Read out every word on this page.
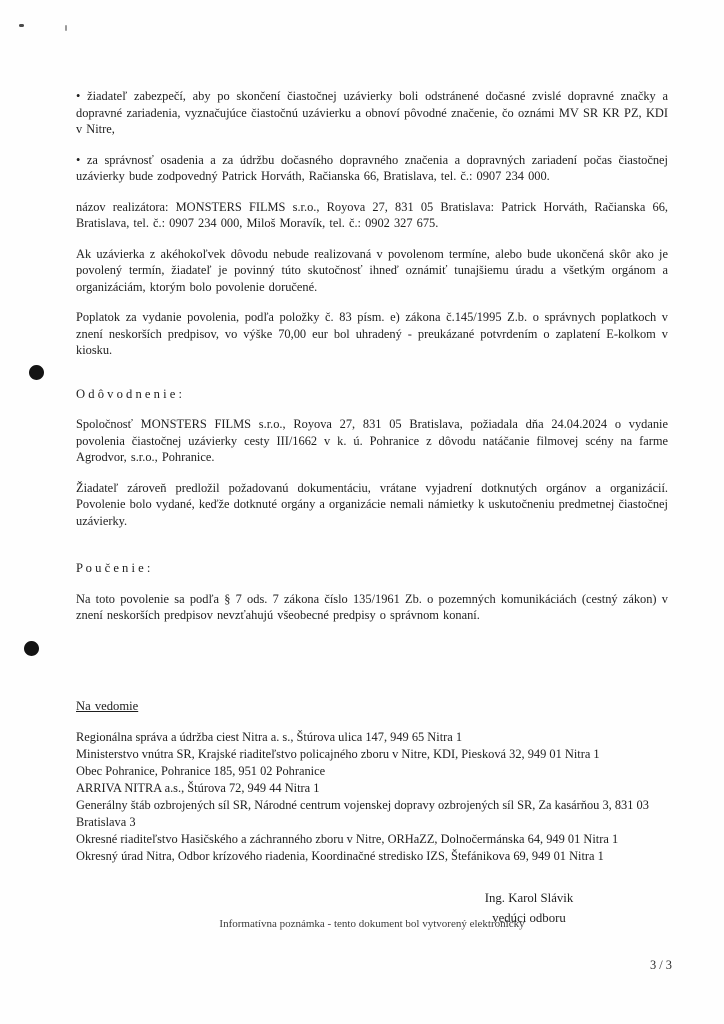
• žiadateľ zabezpečí, aby po skončení čiastočnej uzávierky boli odstránené dočasné zvislé dopravné značky a dopravné zariadenia, vyznačujúce čiastočnú uzávierku a obnoví pôvodné značenie, čo oznámi MV SR KR PZ, KDI v Nitre,

• za správnosť osadenia a za údržbu dočasného dopravného značenia a dopravných zariadení počas čiastočnej uzávierky bude zodpovedný Patrick Horváth, Račianska 66, Bratislava, tel. č.: 0907 234 000.

názov realizátora: MONSTERS FILMS s.r.o., Royova 27, 831 05 Bratislava: Patrick Horváth, Račianska 66, Bratislava, tel. č.: 0907 234 000, Miloš Moravík, tel. č.: 0902 327 675.

Ak uzávierka z akéhokoľvek dôvodu nebude realizovaná v povolenom termíne, alebo bude ukončená skôr ako je povolený termín, žiadateľ je povinný túto skutočnosť ihneď oznámiť tunajšiemu úradu a všetkým orgánom a organizáciám, ktorým bolo povolenie doručené.

Poplatok za vydanie povolenia, podľa položky č. 83 písm. e) zákona č.145/1995 Z.b. o správnych poplatkoch v znení neskorších predpisov, vo výške 70,00 eur bol uhradený - preukázané potvrdením o zaplatení E-kolkom v kiosku.

O d ô v o d n e n i e :

Spoločnosť MONSTERS FILMS s.r.o., Royova 27, 831 05 Bratislava, požiadala dňa 24.04.2024 o vydanie povolenia čiastočnej uzávierky cesty III/1662 v k. ú. Pohranice z dôvodu natáčanie filmovej scény na farme Agrodvor, s.r.o., Pohranice.

Žiadateľ zároveň predložil požadovanú dokumentáciu, vrátane vyjadrení dotknutých orgánov a organizácií. Povolenie bolo vydané, keďže dotknuté orgány a organizácie nemali námietky k uskutočneniu predmetnej čiastočnej uzávierky.

P o u č e n i e :

Na toto povolenie sa podľa § 7 ods. 7 zákona číslo 135/1961 Zb. o pozemných komunikáciách (cestný zákon) v znení neskorších predpisov nevzťahujú všeobecné predpisy o správnom konaní.

Na vedomie

Regionálna správa a údržba ciest Nitra a. s., Štúrova ulica 147, 949 65 Nitra 1
Ministerstvo vnútra SR, Krajské riaditeľstvo policajného zboru v Nitre, KDI, Piesková 32, 949 01 Nitra 1
Obec Pohranice, Pohranice 185, 951 02 Pohranice
ARRIVA NITRA a.s., Štúrova 72, 949 44 Nitra 1
Generálny štáb ozbrojených síl SR, Národné centrum vojenskej dopravy ozbrojených síl SR, Za kasárňou 3, 831 03 Bratislava 3
Okresné riaditeľstvo Hasičského a záchranného zboru v Nitre, ORHaZZ, Dolnočermánska 64, 949 01 Nitra 1
Okresný úrad Nitra, Odbor krízového riadenia, Koordinačné stredisko IZS, Štefánikova 69, 949 01 Nitra 1
Ing. Karol Slávik
vedúci odboru
Informatívna poznámka - tento dokument bol vytvorený elektronicky
3 / 3
